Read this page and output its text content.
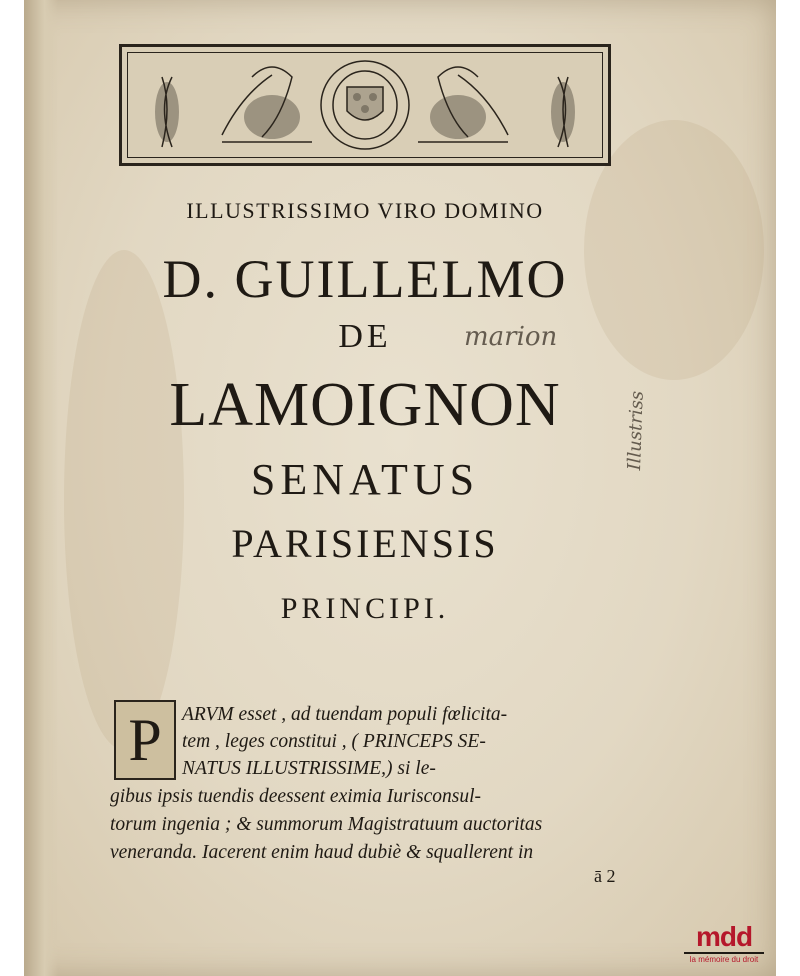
ILLUSTRISSIMO VIRO DOMINO
D. GUILLELMO
DE
LAMOIGNON
SENATUS
PARISIENSIS
PRINCIPI.
marion
Illustriss
P	ARVM esset , ad tuendam populi fœlicita-

tem , leges constitui , ( PRINCEPS SE-

NATUS ILLUSTRISSIME,) si le-

gibus ipsis tuendis deessent eximia Iurisconsul-

torum ingenia ; & summorum Magistratuum auctoritas

veneranda. Iacerent enim haud dubiè & squallerent in

ā 2
mdd
la mémoire du droit
